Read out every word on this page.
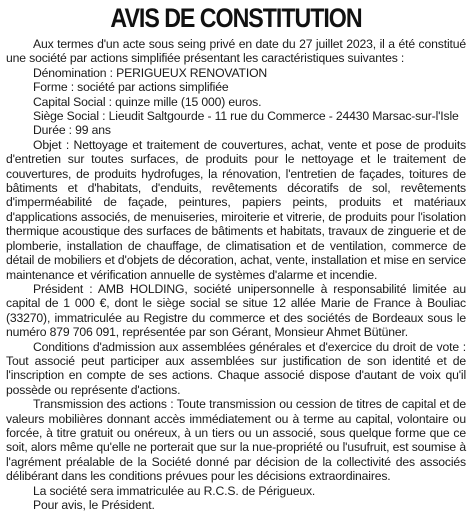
AVIS DE CONSTITUTION

Aux termes d'un acte sous seing privé en date du 27 juillet 2023, il a été constitué une société par actions simplifiée présentant les caractéristiques suivantes :

Dénomination : PERIGUEUX RENOVATION

Forme : société par actions simplifiée

Capital Social : quinze mille (15 000) euros.

Siège Social : Lieudit Saltgourde - 11 rue du Commerce - 24430 Marsac-sur-l'Isle

Durée : 99 ans

Objet : Nettoyage et traitement de couvertures, achat, vente et pose de produits d'entretien sur toutes surfaces, de produits pour le nettoyage et le traitement de couvertures, de produits hydrofuges, la rénovation, l'entretien de façades, toitures de bâtiments et d'habitats, d'enduits, revêtements décoratifs de sol, revêtements d'imperméabilité de façade, peintures, papiers peints, produits et matériaux d'applications associés, de menuiseries, miroiterie et vitrerie, de produits pour l'isolation thermique acoustique des surfaces de bâtiments et habitats, travaux de zinguerie et de plomberie, installation de chauffage, de climatisation et de ventilation, commerce de détail de mobiliers et d'objets de décoration, achat, vente, installation et mise en service maintenance et vérification annuelle de systèmes d'alarme et incendie.

Président : AMB HOLDING, société unipersonnelle à responsabilité limitée au capital de 1 000 €, dont le siège social se situe 12 allée Marie de France à Bouliac (33270), immatriculée au Registre du commerce et des sociétés de Bordeaux sous le numéro 879 706 091, représentée par son Gérant, Monsieur Ahmet Bütüner.

Conditions d'admission aux assemblées générales et d'exercice du droit de vote : Tout associé peut participer aux assemblées sur justification de son identité et de l'inscription en compte de ses actions. Chaque associé dispose d'autant de voix qu'il possède ou représente d'actions.

Transmission des actions : Toute transmission ou cession de titres de capital et de valeurs mobilières donnant accès immédiatement ou à terme au capital, volontaire ou forcée, à titre gratuit ou onéreux, à un tiers ou un associé, sous quelque forme que ce soit, alors même qu'elle ne porterait que sur la nue-propriété ou l'usufruit, est soumise à l'agrément préalable de la Société donné par décision de la collectivité des associés délibérant dans les conditions prévues pour les décisions extraordinaires.

La société sera immatriculée au R.C.S. de Périgueux.

Pour avis, le Président.
